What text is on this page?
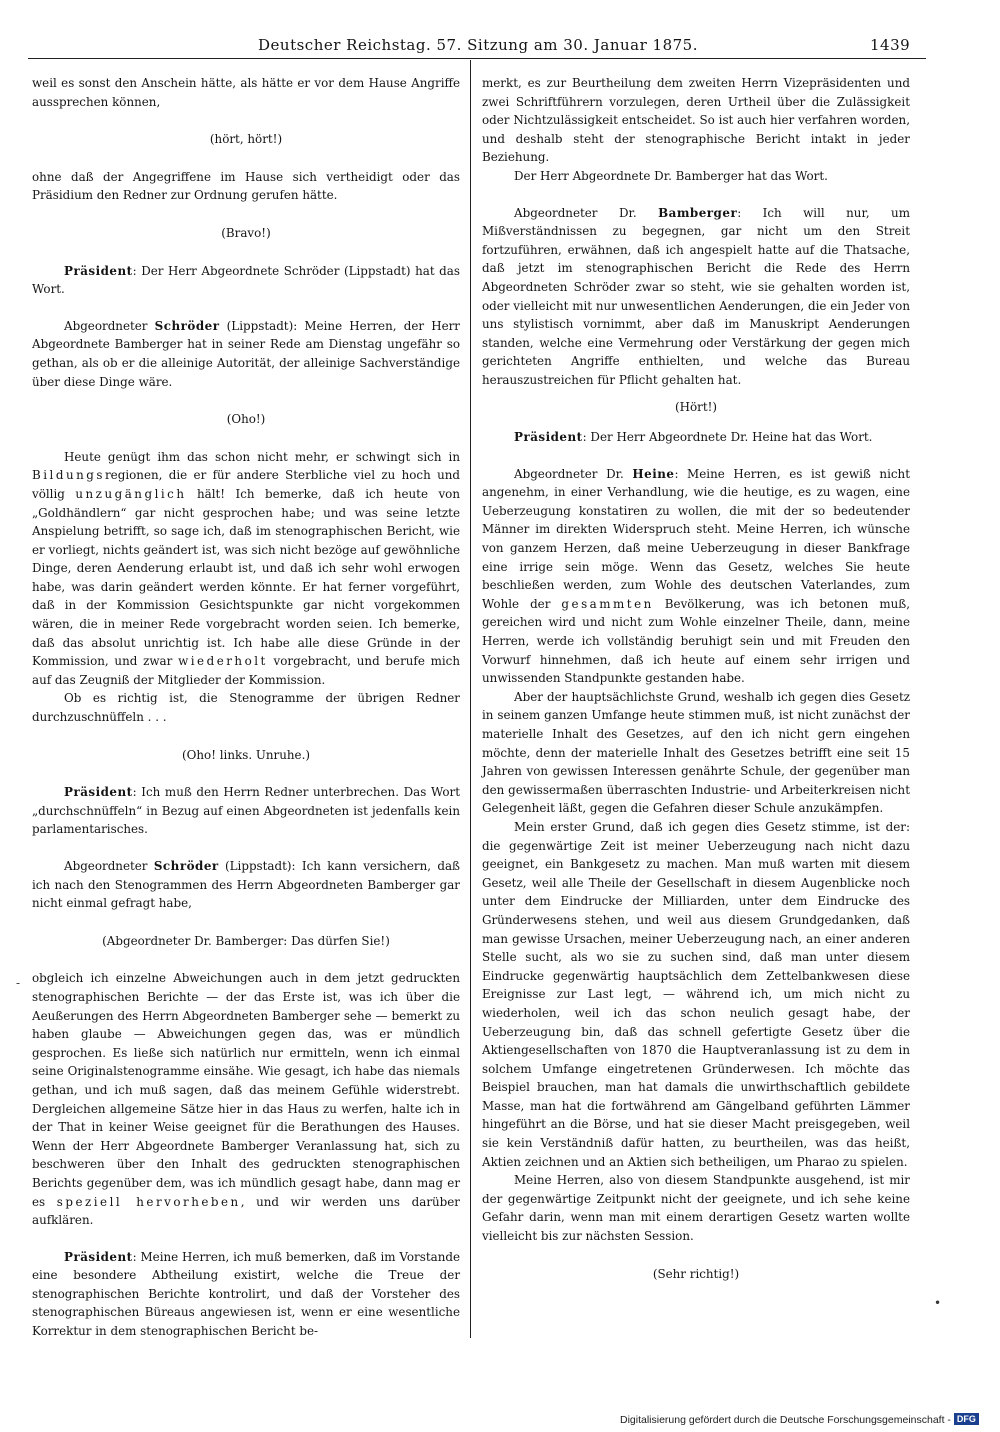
Deutscher Reichstag. 57. Sitzung am 30. Januar 1875.	1439

weil es sonst den Anschein hätte, als hätte er vor dem Hause Angriffe aussprechen können,

(hört, hört!)

ohne daß der Angegriffene im Hause sich vertheidigt oder das Präsidium den Redner zur Ordnung gerufen hätte.

(Bravo!)

Präsident: Der Herr Abgeordnete Schröder (Lippstadt) hat das Wort.

Abgeordneter Schröder (Lippstadt): Meine Herren, der Herr Abgeordnete Bamberger hat in seiner Rede am Dienstag ungefähr so gethan, als ob er die alleinige Autorität, der alleinige Sachverständige über diese Dinge wäre.

(Oho!)

Heute genügt ihm das schon nicht mehr, er schwingt sich in Bildungsregionen, die er für andere Sterbliche viel zu hoch und völlig unzugänglich hält! Ich bemerke, daß ich heute von „Goldhändlern“ gar nicht gesprochen habe; und was seine letzte Anspielung betrifft, so sage ich, daß im stenographischen Bericht, wie er vorliegt, nichts geändert ist, was sich nicht bezöge auf gewöhnliche Dinge, deren Aenderung erlaubt ist, und daß ich sehr wohl erwogen habe, was darin geändert werden könnte. Er hat ferner vorgeführt, daß in der Kommission Gesichtspunkte gar nicht vorgekommen wären, die in meiner Rede vorgebracht worden seien. Ich bemerke, daß das absolut unrichtig ist. Ich habe alle diese Gründe in der Kommission, und zwar wiederholt vorgebracht, und berufe mich auf das Zeugniß der Mitglieder der Kommission.

Ob es richtig ist, die Stenogramme der übrigen Redner durchzuschnüffeln . . .

(Oho! links. Unruhe.)

Präsident: Ich muß den Herrn Redner unterbrechen. Das Wort „durchschnüffeln“ in Bezug auf einen Abgeordneten ist jedenfalls kein parlamentarisches.

Abgeordneter Schröder (Lippstadt): Ich kann versichern, daß ich nach den Stenogrammen des Herrn Abgeordneten Bamberger gar nicht einmal gefragt habe,

(Abgeordneter Dr. Bamberger: Das dürfen Sie!)

obgleich ich einzelne Abweichungen auch in dem jetzt gedruckten stenographischen Berichte — der das Erste ist, was ich über die Aeußerungen des Herrn Abgeordneten Bamberger sehe — bemerkt zu haben glaube — Abweichungen gegen das, was er mündlich gesprochen. Es ließe sich natürlich nur ermitteln, wenn ich einmal seine Originalstenogramme einsähe. Wie gesagt, ich habe das niemals gethan, und ich muß sagen, daß das meinem Gefühle widerstrebt. Dergleichen allgemeine Sätze hier in das Haus zu werfen, halte ich in der That in keiner Weise geeignet für die Berathungen des Hauses. Wenn der Herr Abgeordnete Bamberger Veranlassung hat, sich zu beschweren über den Inhalt des gedruckten stenographischen Berichts gegenüber dem, was ich mündlich gesagt habe, dann mag er es speziell hervorheben, und wir werden uns darüber aufklären.

Präsident: Meine Herren, ich muß bemerken, daß im Vorstande eine besondere Abtheilung existirt, welche die Treue der stenographischen Berichte kontrolirt, und daß der Vorsteher des stenographischen Büreaus angewiesen ist, wenn er eine wesentliche Korrektur in dem stenographischen Bericht be-

merkt, es zur Beurtheilung dem zweiten Herrn Vizepräsidenten und zwei Schriftführern vorzulegen, deren Urtheil über die Zulässigkeit oder Nichtzulässigkeit entscheidet. So ist auch hier verfahren worden, und deshalb steht der stenographische Bericht intakt in jeder Beziehung.

Der Herr Abgeordnete Dr. Bamberger hat das Wort.

Abgeordneter Dr. Bamberger: Ich will nur, um Mißverständnissen zu begegnen, gar nicht um den Streit fortzuführen, erwähnen, daß ich angespielt hatte auf die Thatsache, daß jetzt im stenographischen Bericht die Rede des Herrn Abgeordneten Schröder zwar so steht, wie sie gehalten worden ist, oder vielleicht mit nur unwesentlichen Aenderungen, die ein Jeder von uns stylistisch vornimmt, aber daß im Manuskript Aenderungen standen, welche eine Vermehrung oder Verstärkung der gegen mich gerichteten Angriffe enthielten, und welche das Bureau herauszustreichen für Pflicht gehalten hat.

(Hört!)

Präsident: Der Herr Abgeordnete Dr. Heine hat das Wort.

Abgeordneter Dr. Heine: Meine Herren, es ist gewiß nicht angenehm, in einer Verhandlung, wie die heutige, es zu wagen, eine Ueberzeugung konstatiren zu wollen, die mit der so bedeutender Männer im direkten Widerspruch steht. Meine Herren, ich wünsche von ganzem Herzen, daß meine Ueberzeugung in dieser Bankfrage eine irrige sein möge. Wenn das Gesetz, welches Sie heute beschließen werden, zum Wohle des deutschen Vaterlandes, zum Wohle der gesammten Bevölkerung, was ich betonen muß, gereichen wird und nicht zum Wohle einzelner Theile, dann, meine Herren, werde ich vollständig beruhigt sein und mit Freuden den Vorwurf hinnehmen, daß ich heute auf einem sehr irrigen und unwissenden Standpunkte gestanden habe.

Aber der hauptsächlichste Grund, weshalb ich gegen dies Gesetz in seinem ganzen Umfange heute stimmen muß, ist nicht zunächst der materielle Inhalt des Gesetzes, auf den ich nicht gern eingehen möchte, denn der materielle Inhalt des Gesetzes betrifft eine seit 15 Jahren von gewissen Interessen genährte Schule, der gegenüber man den gewissermaßen überraschten Industrie- und Arbeiterkreisen nicht Gelegenheit läßt, gegen die Gefahren dieser Schule anzukämpfen.

Mein erster Grund, daß ich gegen dies Gesetz stimme, ist der: die gegenwärtige Zeit ist meiner Ueberzeugung nach nicht dazu geeignet, ein Bankgesetz zu machen. Man muß warten mit diesem Gesetz, weil alle Theile der Gesellschaft in diesem Augenblicke noch unter dem Eindrucke der Milliarden, unter dem Eindrucke des Gründerwesens stehen, und weil aus diesem Grundgedanken, daß man gewisse Ursachen, meiner Ueberzeugung nach, an einer anderen Stelle sucht, als wo sie zu suchen sind, daß man unter diesem Eindrucke gegenwärtig hauptsächlich dem Zettelbankwesen diese Ereignisse zur Last legt, — während ich, um mich nicht zu wiederholen, weil ich das schon neulich gesagt habe, der Ueberzeugung bin, daß das schnell gefertigte Gesetz über die Aktiengesellschaften von 1870 die Hauptveranlassung ist zu dem in solchem Umfange eingetretenen Gründerwesen. Ich möchte das Beispiel brauchen, man hat damals die unwirthschaftlich gebildete Masse, man hat die fortwährend am Gängelband geführten Lämmer hingeführt an die Börse, und hat sie dieser Macht preisgegeben, weil sie kein Verständniß dafür hatten, zu beurtheilen, was das heißt, Aktien zeichnen und an Aktien sich betheiligen, um Pharao zu spielen.

Meine Herren, also von diesem Standpunkte ausgehend, ist mir der gegenwärtige Zeitpunkt nicht der geeignete, und ich sehe keine Gefahr darin, wenn man mit einem derartigen Gesetz warten wollte vielleicht bis zur nächsten Session.

(Sehr richtig!)

-
•
Digitalisierung gefördert durch die Deutsche Forschungsgemeinschaft - DFG
